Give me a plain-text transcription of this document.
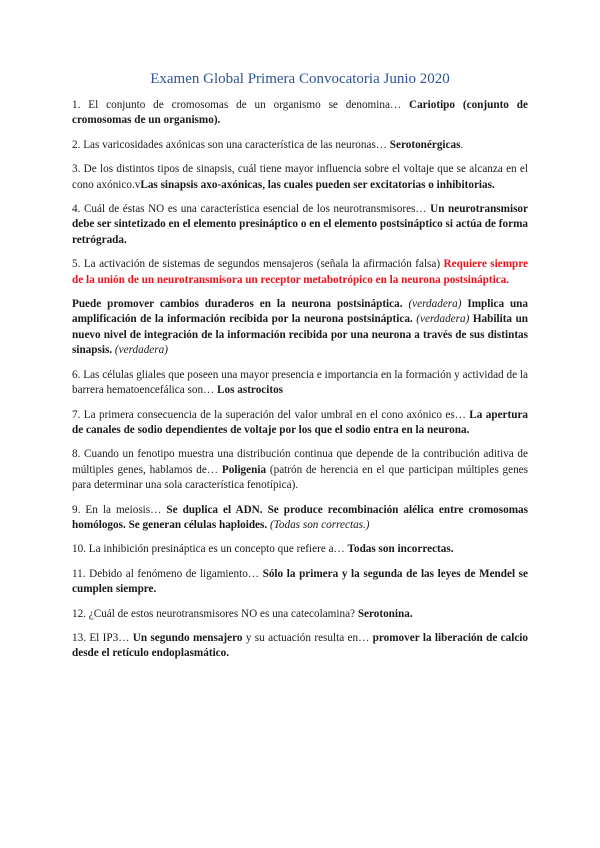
Examen Global Primera Convocatoria Junio 2020

1. El conjunto de cromosomas de un organismo se denomina… Cariotipo (conjunto de cromosomas de un organismo).

2. Las varicosidades axónicas son una característica de las neuronas… Serotonérgicas.

3. De los distintos tipos de sinapsis, cuál tiene mayor influencia sobre el voltaje que se alcanza en el cono axónico.vLas sinapsis axo-axónicas, las cuales pueden ser excitatorias o inhibitorias.

4. Cuál de éstas NO es una característica esencial de los neurotransmisores… Un neurotransmisor debe ser sintetizado en el elemento presináptico o en el elemento postsináptico si actúa de forma retrógrada.

5. La activación de sistemas de segundos mensajeros (señala la afirmación falsa) Requiere siempre de la unión de un neurotransmisora un receptor metabotrópico en la neurona postsináptica.

Puede promover cambios duraderos en la neurona postsináptica. (verdadera) Implica una amplificación de la información recibida por la neurona postsináptica. (verdadera) Habilita un nuevo nivel de integración de la información recibida por una neurona a través de sus distintas sinapsis. (verdadera)

6. Las células gliales que poseen una mayor presencia e importancia en la formación y actividad de la barrera hematoencefálica son… Los astrocitos

7. La primera consecuencia de la superación del valor umbral en el cono axónico es… La apertura de canales de sodio dependientes de voltaje por los que el sodio entra en la neurona.

8. Cuando un fenotipo muestra una distribución continua que depende de la contribución aditiva de múltiples genes, hablamos de… Poligenia (patrón de herencia en el que participan múltiples genes para determinar una sola característica fenotípica).

9. En la meiosis… Se duplica el ADN. Se produce recombinación alélica entre cromosomas homólogos. Se generan células haploides. (Todas son correctas.)

10. La inhibición presináptica es un concepto que refiere a… Todas son incorrectas.

11. Debido al fenómeno de ligamiento… Sólo la primera y la segunda de las leyes de Mendel se cumplen siempre.

12. ¿Cuál de estos neurotransmisores NO es una catecolamina? Serotonina.

13. El IP3… Un segundo mensajero y su actuación resulta en… promover la liberación de calcio desde el retículo endoplasmático.
